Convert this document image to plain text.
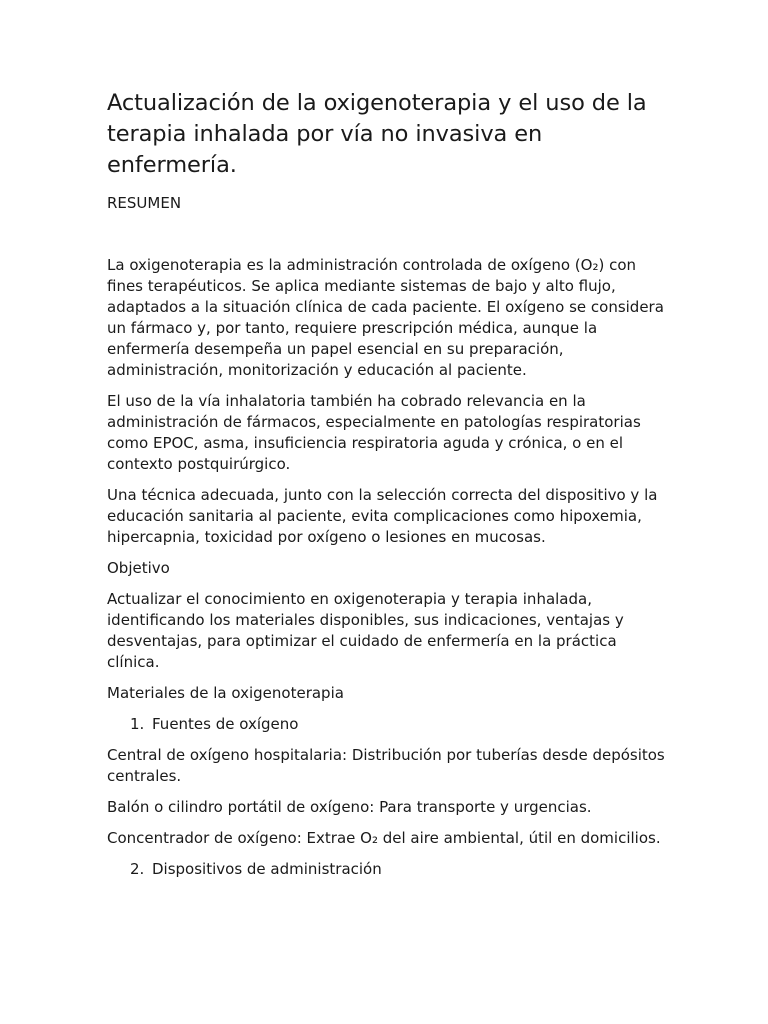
Actualización de la oxigenoterapia y el uso de la terapia inhalada por vía no invasiva en enfermería.

RESUMEN

La oxigenoterapia es la administración controlada de oxígeno (O₂) con fines terapéuticos. Se aplica mediante sistemas de bajo y alto flujo, adaptados a la situación clínica de cada paciente. El oxígeno se considera un fármaco y, por tanto, requiere prescripción médica, aunque la enfermería desempeña un papel esencial en su preparación, administración, monitorización y educación al paciente.

El uso de la vía inhalatoria también ha cobrado relevancia en la administración de fármacos, especialmente en patologías respiratorias como EPOC, asma, insuficiencia respiratoria aguda y crónica, o en el contexto postquirúrgico.

Una técnica adecuada, junto con la selección correcta del dispositivo y la educación sanitaria al paciente, evita complicaciones como hipoxemia, hipercapnia, toxicidad por oxígeno o lesiones en mucosas.

Objetivo

Actualizar el conocimiento en oxigenoterapia y terapia inhalada, identificando los materiales disponibles, sus indicaciones, ventajas y desventajas, para optimizar el cuidado de enfermería en la práctica clínica.

Materiales de la oxigenoterapia

1. Fuentes de oxígeno

Central de oxígeno hospitalaria: Distribución por tuberías desde depósitos centrales.

Balón o cilindro portátil de oxígeno: Para transporte y urgencias.

Concentrador de oxígeno: Extrae O₂ del aire ambiental, útil en domicilios.

2. Dispositivos de administración
